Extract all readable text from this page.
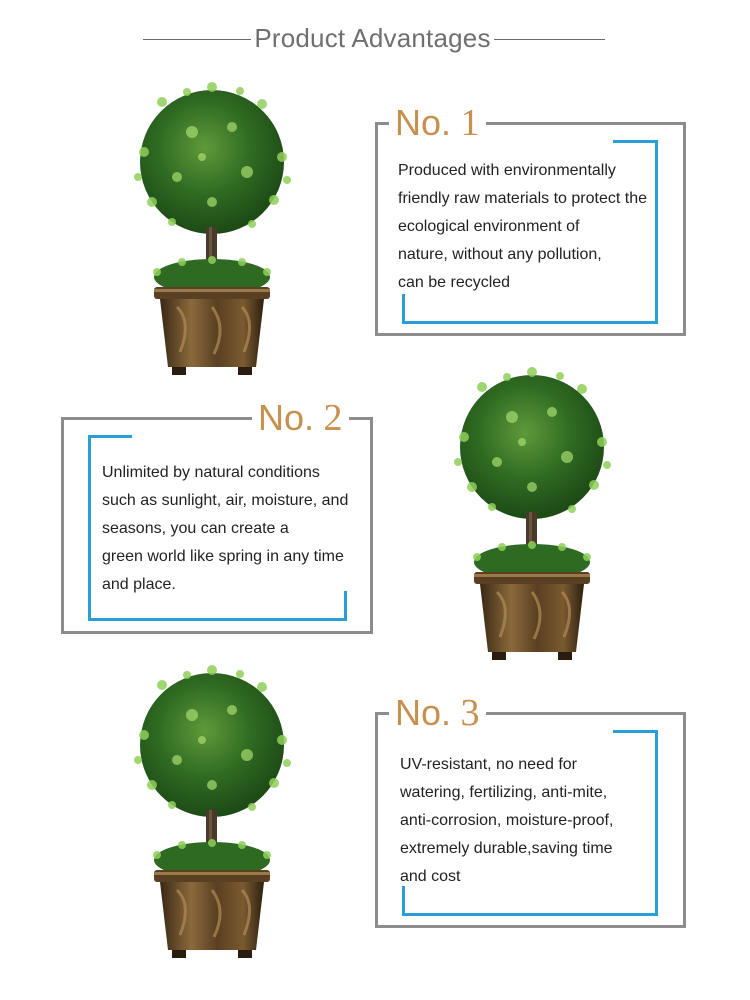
Product Advantages
No. 1
Produced with environmentally
friendly raw materials to protect the
ecological environment of
nature, without any pollution,
can be recycled
No. 2
Unlimited by natural conditions
such as sunlight, air, moisture, and
seasons, you can create a
green world like spring in any time
and place.
No. 3
UV-resistant, no need for
watering, fertilizing, anti-mite,
anti-corrosion, moisture-proof,
extremely durable,saving time
and cost
